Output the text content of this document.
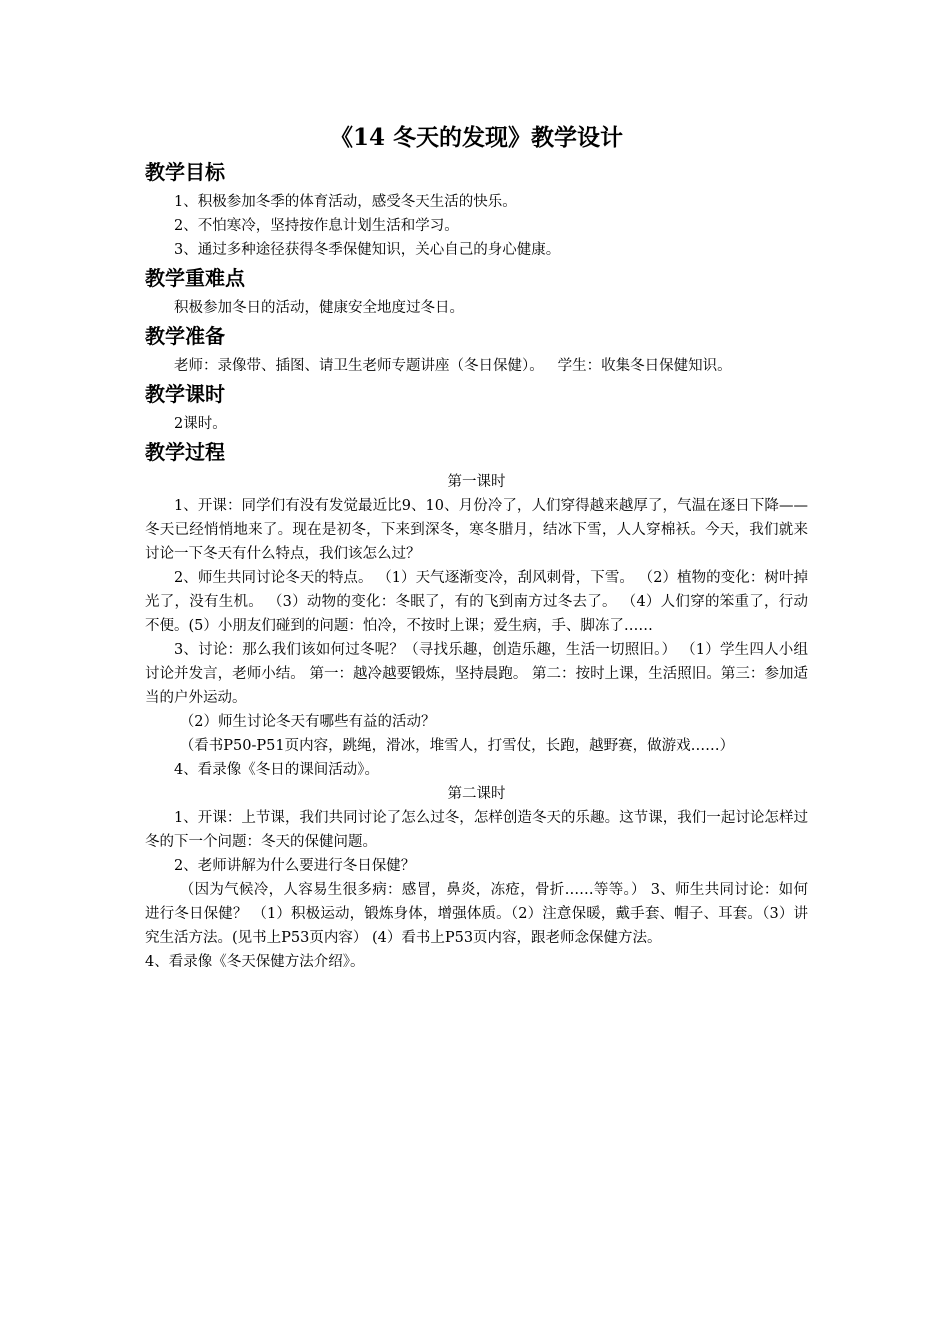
《14 冬天的发现》教学设计
教学目标

1、积极参加冬季的体育活动，感受冬天生活的快乐。

2、不怕寒冷，坚持按作息计划生活和学习。

3、通过多种途径获得冬季保健知识，关心自己的身心健康。

教学重难点

积极参加冬日的活动，健康安全地度过冬日。

教学准备

老师：录像带、插图、请卫生老师专题讲座（冬日保健）。   学生：收集冬日保健知识。

教学课时

2课时。

教学过程

第一课时

1、开课：同学们有没有发觉最近比9、10、月份冷了，人们穿得越来越厚了，气温在逐日下降——冬天已经悄悄地来了。现在是初冬，下来到深冬，寒冬腊月，结冰下雪，人人穿棉袄。今天，我们就来讨论一下冬天有什么特点，我们该怎么过？

2、师生共同讨论冬天的特点。 （1）天气逐渐变冷，刮风刺骨，下雪。 （2）植物的变化：树叶掉光了，没有生机。 （3）动物的变化：冬眠了，有的飞到南方过冬去了。 （4）人们穿的笨重了，行动不便。(5）小朋友们碰到的问题：怕冷，不按时上课；爱生病，手、脚冻了……

3、讨论：那么我们该如何过冬呢？（寻找乐趣，创造乐趣，生活一切照旧。） （1）学生四人小组讨论并发言，老师小结。 第一：越冷越要锻炼，坚持晨跑。 第二：按时上课，生活照旧。第三：参加适当的户外运动。

（2）师生讨论冬天有哪些有益的活动？

（看书P50-P51页内容，跳绳，滑冰，堆雪人，打雪仗，长跑，越野赛，做游戏……）

4、看录像《冬日的课间活动》。

第二课时

1、开课：上节课，我们共同讨论了怎么过冬，怎样创造冬天的乐趣。这节课，我们一起讨论怎样过冬的下一个问题：冬天的保健问题。

2、老师讲解为什么要进行冬日保健？

（因为气候冷，人容易生很多病：感冒，鼻炎，冻疮，骨折……等等。） 3、师生共同讨论：如何进行冬日保健？ （1）积极运动，锻炼身体，增强体质。（2）注意保暖，戴手套、帽子、耳套。（3）讲究生活方法。(见书上P53页内容） (4）看书上P53页内容，跟老师念保健方法。

4、看录像《冬天保健方法介绍》。
